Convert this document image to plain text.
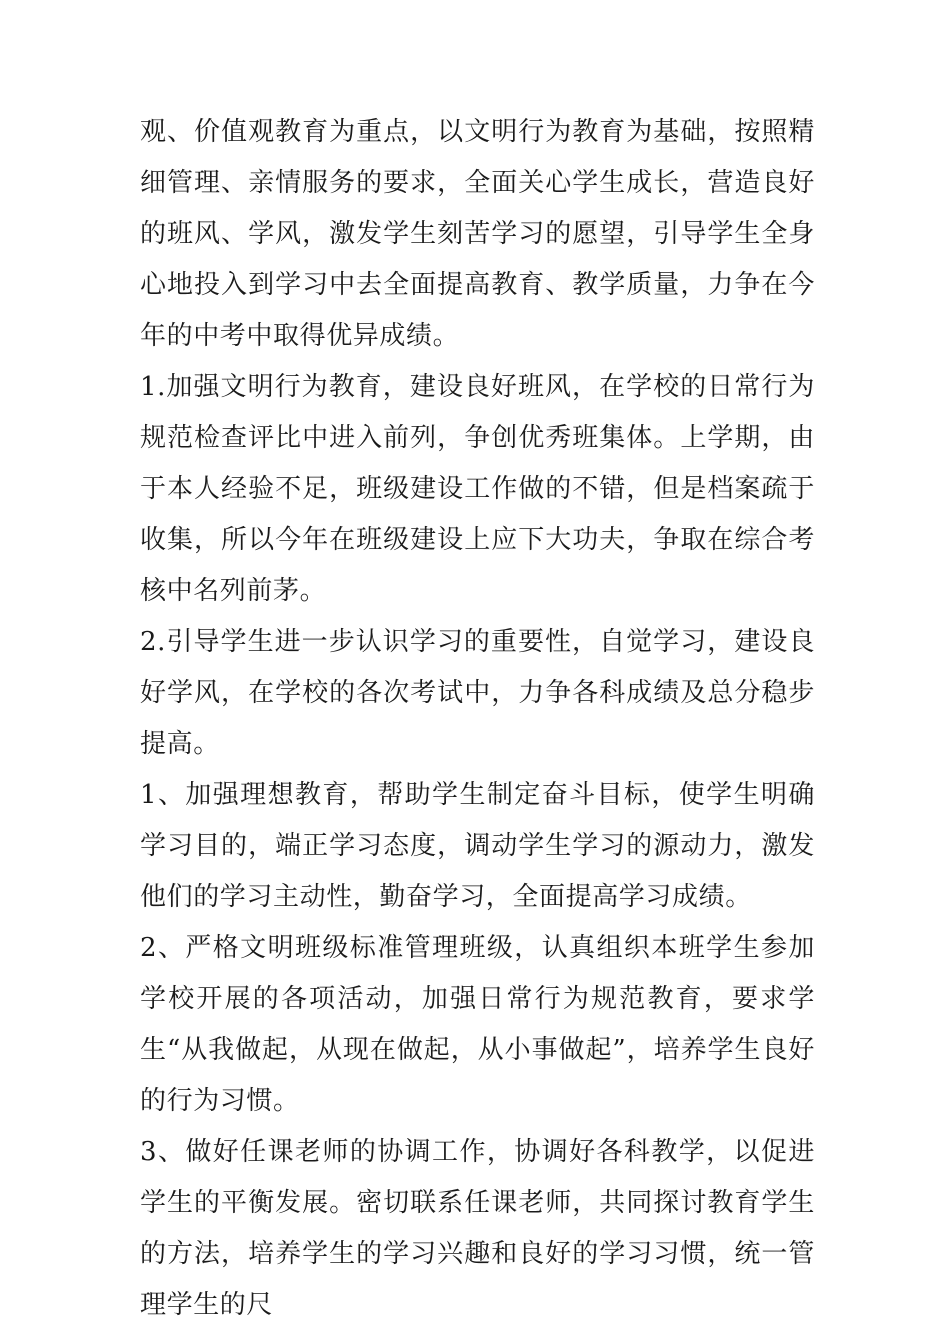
观、价值观教育为重点，以文明行为教育为基础，按照精细管理、亲情服务的要求，全面关心学生成长，营造良好的班风、学风，激发学生刻苦学习的愿望，引导学生全身心地投入到学习中去全面提高教育、教学质量，力争在今年的中考中取得优异成绩。

1.加强文明行为教育，建设良好班风，在学校的日常行为规范检查评比中进入前列，争创优秀班集体。上学期，由于本人经验不足，班级建设工作做的不错，但是档案疏于收集，所以今年在班级建设上应下大功夫，争取在综合考核中名列前茅。

2.引导学生进一步认识学习的重要性，自觉学习，建设良好学风，在学校的各次考试中，力争各科成绩及总分稳步提高。

1、加强理想教育，帮助学生制定奋斗目标，使学生明确学习目的，端正学习态度，调动学生学习的源动力，激发他们的学习主动性，勤奋学习，全面提高学习成绩。

2、严格文明班级标准管理班级，认真组织本班学生参加学校开展的各项活动，加强日常行为规范教育，要求学生“从我做起，从现在做起，从小事做起”，培养学生良好的行为习惯。

3、做好任课老师的协调工作，协调好各科教学，以促进学生的平衡发展。密切联系任课老师，共同探讨教育学生的方法，培养学生的学习兴趣和良好的学习习惯，统一管理学生的尺
